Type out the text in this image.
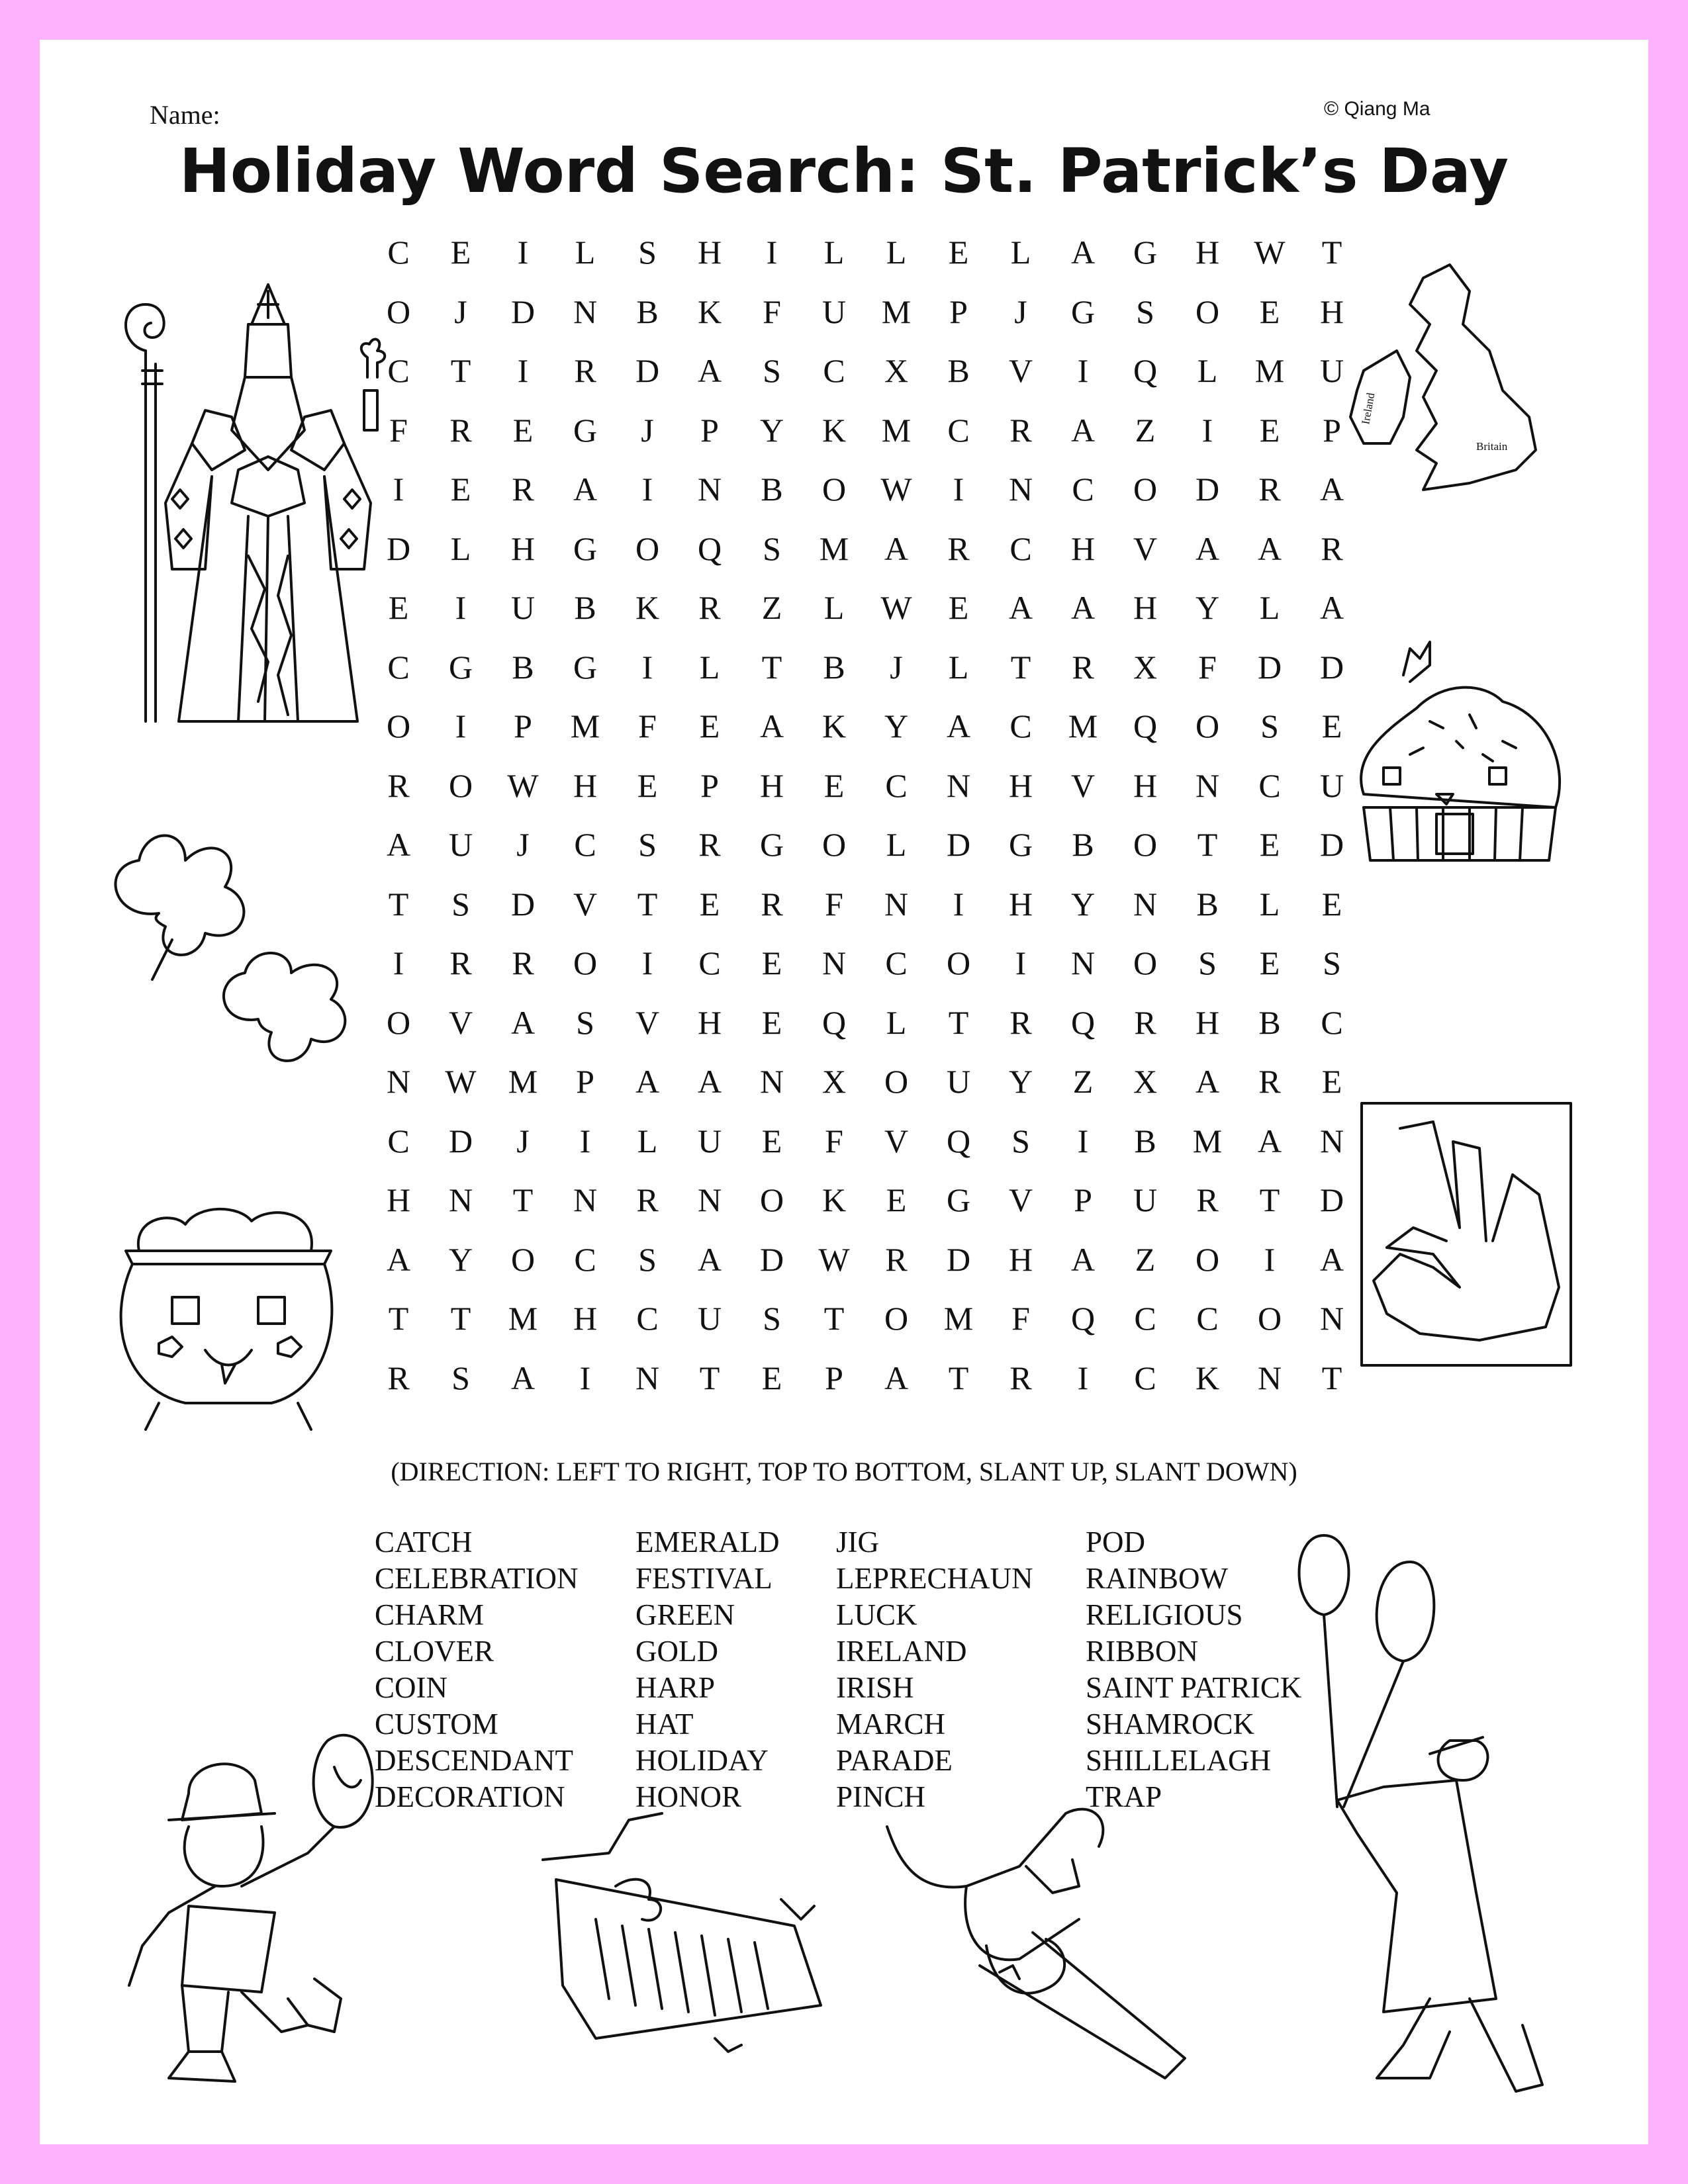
Name:	© Qiang Ma
Holiday Word Search: St. Patrick’s Day
C	E	I	L	S	H	I	L	L	E	L	A	G	H	W	T
O	J	D	N	B	K	F	U	M	P	J	G	S	O	E	H
C	T	I	R	D	A	S	C	X	B	V	I	Q	L	M	U
F	R	E	G	J	P	Y	K	M	C	R	A	Z	I	E	P
I	E	R	A	I	N	B	O	W	I	N	C	O	D	R	A
D	L	H	G	O	Q	S	M	A	R	C	H	V	A	A	R
E	I	U	B	K	R	Z	L	W	E	A	A	H	Y	L	A
C	G	B	G	I	L	T	B	J	L	T	R	X	F	D	D
O	I	P	M	F	E	A	K	Y	A	C	M	Q	O	S	E
R	O	W	H	E	P	H	E	C	N	H	V	H	N	C	U
A	U	J	C	S	R	G	O	L	D	G	B	O	T	E	D
T	S	D	V	T	E	R	F	N	I	H	Y	N	B	L	E
I	R	R	O	I	C	E	N	C	O	I	N	O	S	E	S
O	V	A	S	V	H	E	Q	L	T	R	Q	R	H	B	C
N	W M	P	A	A	N	X	O	U	Y	Z	X	A	R	E
C	D	J	I	L	U	E	F	V	Q	S	I	B	M	A	N
H	N	T	N	R	N	O	K	E	G	V	P	U	R	T	D
A	Y	O	C	S	A	D	W	R	D	H	A	Z	O	I	A
T	T	M	H	C	U	S	T	O	M	F	Q	C	C	O	N
R	S	A	I	N	T	E	P	A	T	R	I	C	K	N	T
(DIRECTION: LEFT TO RIGHT, TOP TO BOTTOM, SLANT UP, SLANT DOWN)
CATCH
CELEBRATION
CHARM
CLOVER
COIN
CUSTOM
DESCENDANT
DECORATION
EMERALD
FESTIVAL
GREEN
GOLD
HARP
HAT
HOLIDAY
HONOR
JIG
LEPRECHAUN
LUCK
IRELAND
IRISH
MARCH
PARADE
PINCH
POD
RAINBOW
RELIGIOUS
RIBBON
SAINT PATRICK
SHAMROCK
SHILLELAGH
TRAP
Ireland
Britain
